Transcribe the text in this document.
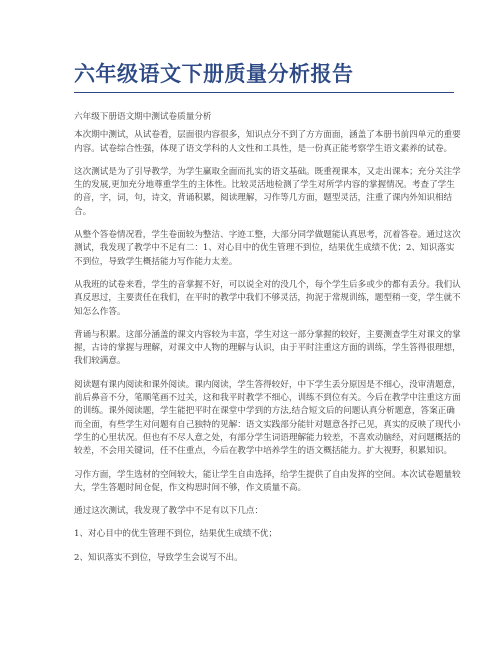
六年级语文下册质量分析报告

六年级下册语文期中测试卷质量分析

本次期中测试，从试卷看，层面很内容很多，知识点分不到了方方面面，涵盖了本册书前四单元的重要内容。试卷综合性强，体现了语文学科的人文性和工具性，是一份真正能考察学生语文素养的试卷。

这次测试是为了引导教学，为学生赢取全面而扎实的语文基础。既重视课本，又走出课本；充分关注学生的发展,更加充分地尊重学生的主体性。比较灵活地检测了学生对所学内容的掌握情况。考查了学生的音，字，词，句，诗文，背诵积累，阅读理解，习作等几方面，题型灵活，注重了课内外知识相结合。

从整个答卷情况看，学生卷面较为整洁、字迹工整，大部分同学做题能认真思考，沉着答卷。通过这次测试，我发现了教学中不足有二：1、对心目中的优生管理不到位，结果优生成绩不优；2、知识落实不到位，导致学生概括能力写作能力太差。

从我班的试卷来看，学生的音掌握不好，可以说全对的没几个，每个学生后多或少的都有丢分。我们认真反思过，主要责任在我们，在平时的教学中我们不够灵活，拘泥于常规训练，题型稍一变，学生就不知怎么作答。

背诵与积累。这部分涵盖的课文内容较为丰富，学生对这一部分掌握的较好，主要测查学生对课文的掌握，古诗的掌握与理解，对课文中人物的理解与认识，由于平时注重这方面的训练，学生答得很理想，我们较满意。

阅读题有课内阅读和课外阅读。课内阅读，学生答得较好，中下学生丢分原因是不细心，没审清题意，前后鼻音不分，笔顺笔画不过关，这和我平时教学不细心，训练不到位有关。今后在教学中注重这方面的训练。课外阅读题，学生能把平时在课堂中学到的方法,结合短文后的问题认真分析题意，答案正确而全面，有些学生对问题有自己独特的见解：语文实践部分能针对题意各抒己见，真实的反映了现代小学生的心里状况。但也有不尽人意之处，有部分学生词语理解能力较差，不喜欢动脑经，对问题概括的较差，不会用关键词，任不住重点，今后在教学中培养学生的语文概括能力。扩大视野，积累知识。

习作方面，学生选材的空间较大，能让学生自由选择，给学生提供了自由发挥的空间。本次试卷题量较大，学生答题时间仓促，作文构思时间不够，作文质量不高。

通过这次测试，我发现了教学中不足有以下几点：

1、对心目中的优生管理不到位，结果优生成绩不优；

2、知识落实不到位，导致学生会说写不出。
